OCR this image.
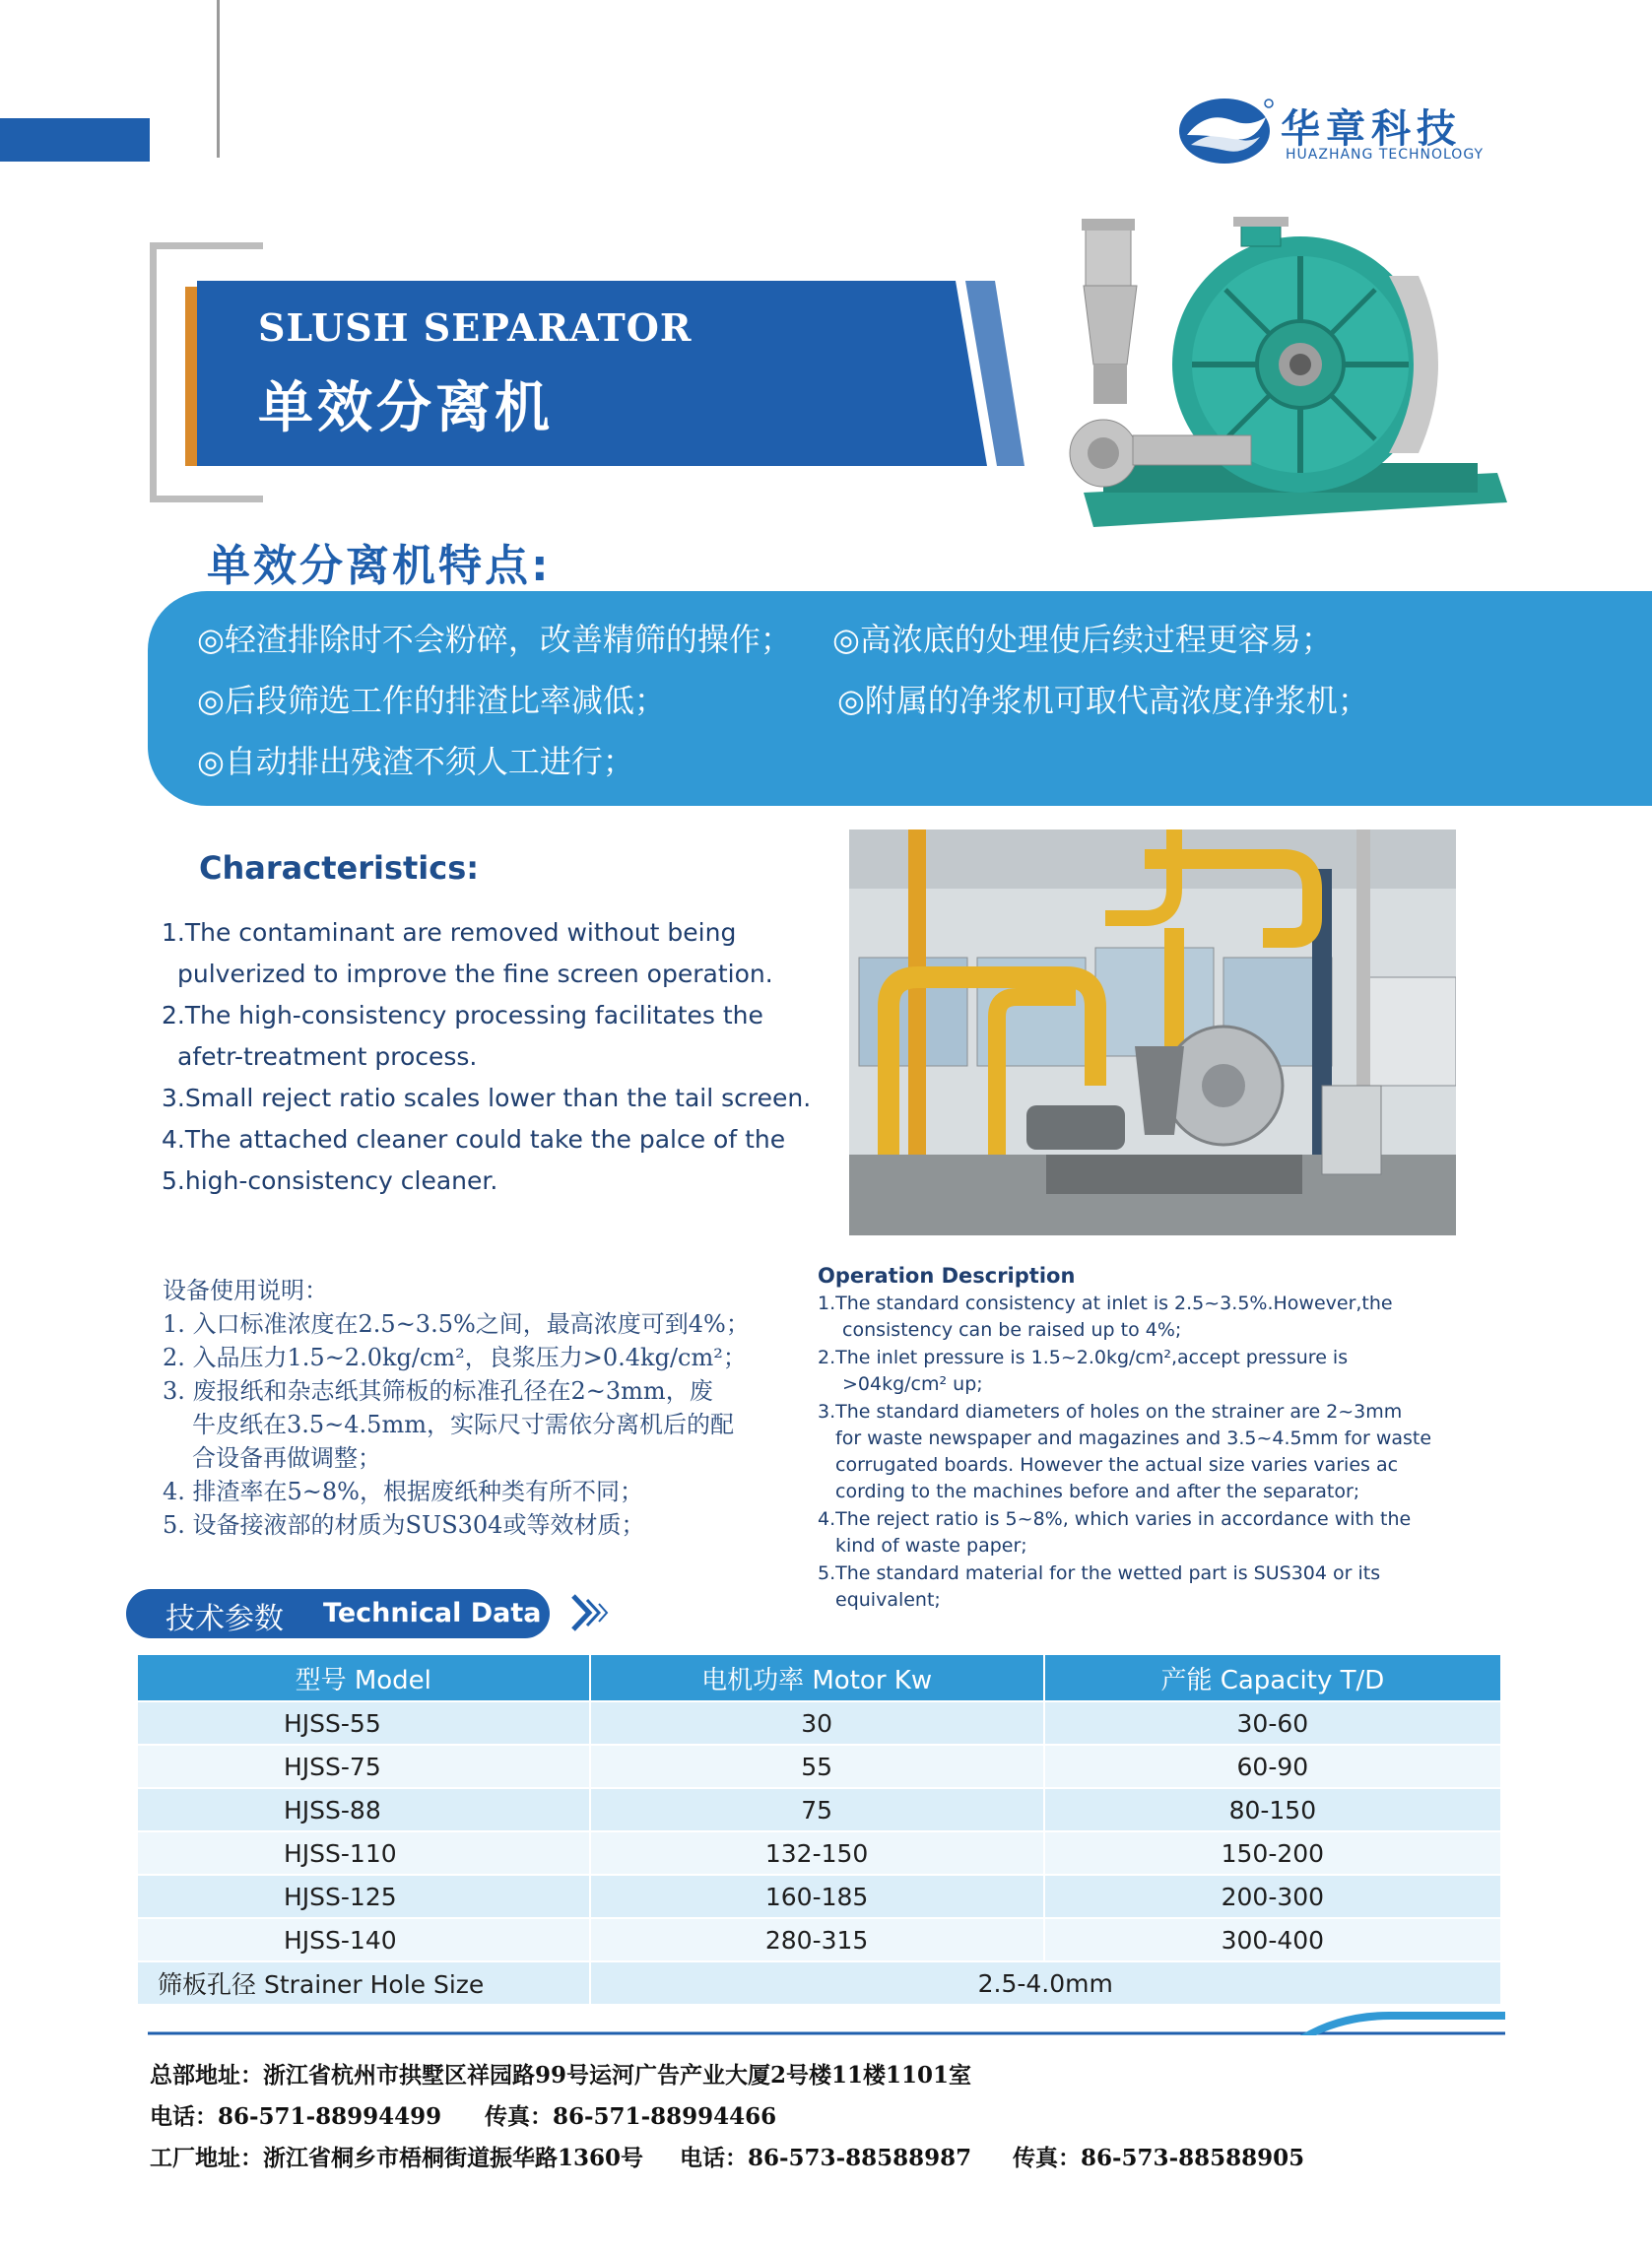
华章科技
HUAZHANG TECHNOLOGY
SLUSH SEPARATOR
单效分离机
单效分离机特点:
◎轻渣排除时不会粉碎，改善精筛的操作； ◎高浓底的处理使后续过程更容易；
◎后段筛选工作的排渣比率减低；	◎附属的净浆机可取代高浓度净浆机；
◎自动排出残渣不须人工进行；
Characteristics:
1.The contaminant are removed without being
pulverized to improve the fine screen operation.
2.The high-consistency processing facilitates the
afetr-treatment process.
3.Small reject ratio scales lower than the tail screen.
4.The attached cleaner could take the palce of the
5.high-consistency cleaner.
设备使用说明：
1. 入口标准浓度在2.5~3.5%之间，最高浓度可到4%；
2. 入品压力1.5~2.0kg/cm²，良浆压力>0.4kg/cm²；
3. 废报纸和杂志纸其筛板的标准孔径在2~3mm，废
牛皮纸在3.5~4.5mm，实际尺寸需依分离机后的配
合设备再做调整；
4. 排渣率在5~8%，根据废纸种类有所不同；
5. 设备接液部的材质为SUS304或等效材质；
Operation Description
1.The standard consistency at inlet is 2.5~3.5%.However,the
consistency can be raised up to 4%;
2.The inlet pressure is 1.5~2.0kg/cm²,accept pressure is
>04kg/cm² up;
3.The standard diameters of holes on the strainer are 2~3mm
for waste newspaper and magazines and 3.5~4.5mm for waste
corrugated boards. However the actual size varies varies ac
cording to the machines before and after the separator;
4.The reject ratio is 5~8%, which varies in accordance with the
kind of waste paper;
5.The standard material for the wetted part is SUS304 or its
equivalent;
技术参数 Technical Data
型号 Model	电机功率 Motor Kw	产能 Capacity T/D
HJSS-55	30	30-60
HJSS-75	55	60-90
HJSS-88	75	80-150
HJSS-110	132-150	150-200
HJSS-125	160-185	200-300
HJSS-140	280-315	300-400
筛板孔径 Strainer Hole Size	2.5-4.0mm	
总部地址：浙江省杭州市拱墅区祥园路99号运河广告产业大厦2号楼11楼1101室
电话：86-571-88994499 传真：86-571-88994466
工厂地址：浙江省桐乡市梧桐街道振华路1360号 电话：86-573-88588987 传真：86-573-88588905
